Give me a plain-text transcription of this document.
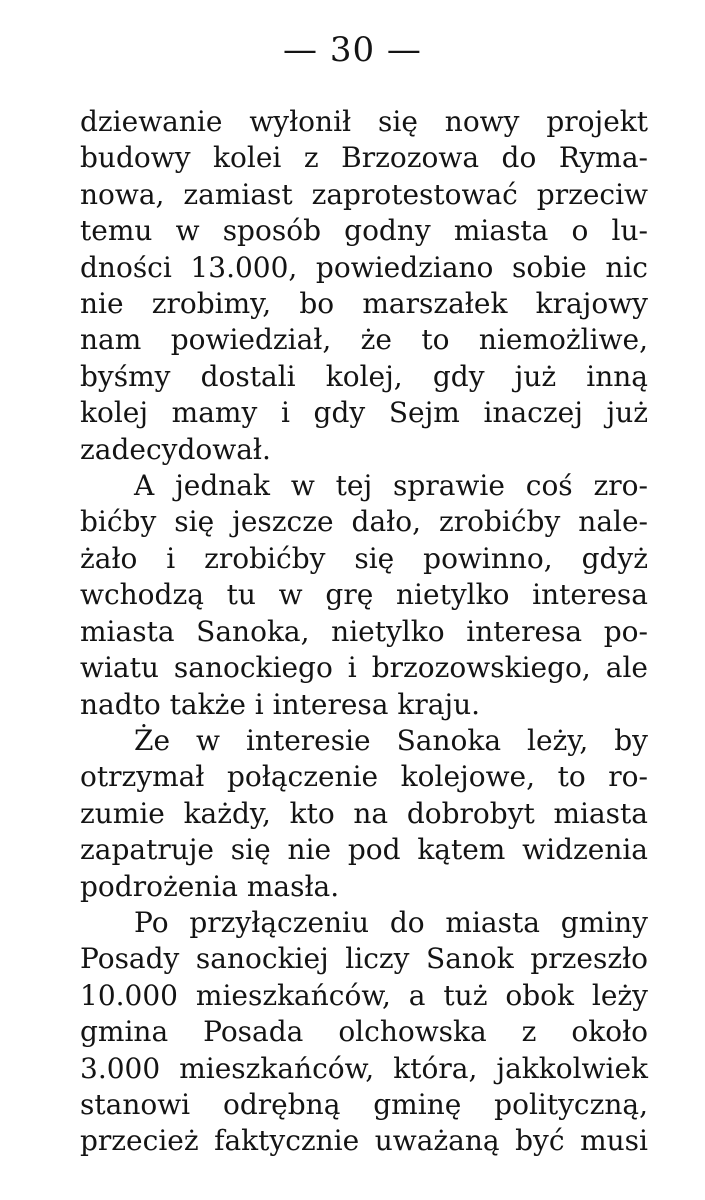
— 30 —

dziewanie wyłonił się nowy projekt
budowy kolei z Brzozowa do Ryma-
nowa, zamiast zaprotestować przeciw
temu w sposób godny miasta o lu-
dności 13.000, powiedziano sobie nic
nie zrobimy, bo marszałek krajowy
nam powiedział, że to niemożliwe,
byśmy dostali kolej, gdy już inną
kolej mamy i gdy Sejm inaczej już
zadecydował.

A jednak w tej sprawie coś zro-
bićby się jeszcze dało, zrobićby nale-
żało i zrobićby się powinno, gdyż
wchodzą tu w grę nietylko interesa
miasta Sanoka, nietylko interesa po-
wiatu sanockiego i brzozowskiego, ale
nadto także i interesa kraju.

Że w interesie Sanoka leży, by
otrzymał połączenie kolejowe, to ro-
zumie każdy, kto na dobrobyt miasta
zapatruje się nie pod kątem widzenia
podrożenia masła.

Po przyłączeniu do miasta gminy
Posady sanockiej liczy Sanok przeszło
10.000 mieszkańców, a tuż obok leży
gmina Posada olchowska z około
3.000 mieszkańców, która, jakkolwiek
stanowi odrębną gminę polityczną,
przecież faktycznie uważaną być musi
